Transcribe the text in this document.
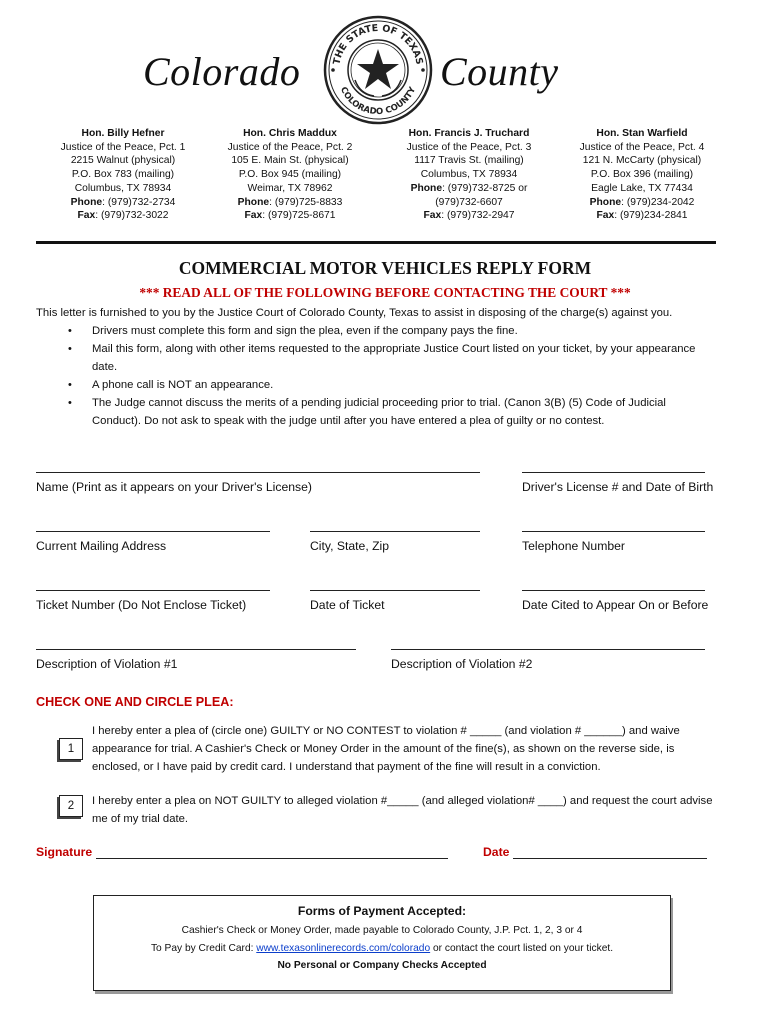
Colorado	County
THE STATE OF TEXAS
COLORADO COUNTY
Hon. Billy Hefner
Justice of the Peace, Pct. 1
2215 Walnut (physical)
P.O. Box 783 (mailing)
Columbus, TX 78934
Phone: (979)732-2734
Fax: (979)732-3022
Hon. Chris Maddux
Justice of the Peace, Pct. 2
105 E. Main St. (physical)
P.O. Box 945 (mailing)
Weimar, TX 78962
Phone: (979)725-8833
Fax: (979)725-8671
Hon. Francis J. Truchard
Justice of the Peace, Pct. 3
1117 Travis St. (mailing)
Columbus, TX 78934
Phone: (979)732-8725 or
(979)732-6607
Fax: (979)732-2947
Hon. Stan Warfield
Justice of the Peace, Pct. 4
121 N. McCarty (physical)
P.O. Box 396 (mailing)
Eagle Lake, TX 77434
Phone: (979)234-2042
Fax: (979)234-2841
COMMERCIAL MOTOR VEHICLES REPLY FORM
*** READ ALL OF THE FOLLOWING BEFORE CONTACTING THE COURT ***
This letter is furnished to you by the Justice Court of Colorado County, Texas to assist in disposing of the charge(s) against you.
• Drivers must complete this form and sign the plea, even if the company pays the fine.
• Mail this form, along with other items requested to the appropriate Justice Court listed on your ticket, by your appearance date.
• A phone call is NOT an appearance.
• The Judge cannot discuss the merits of a pending judicial proceeding prior to trial. (Canon 3(B) (5) Code of Judicial Conduct). Do not ask to speak with the judge until after you have entered a plea of guilty or no contest.
Name (Print as it appears on your Driver's License)	Driver's License # and Date of Birth
Current Mailing Address	City, State, Zip	Telephone Number
Ticket Number (Do Not Enclose Ticket)	Date of Ticket	Date Cited to Appear On or Before
Description of Violation #1	Description of Violation #2
CHECK ONE AND CIRCLE PLEA:
1
I hereby enter a plea of (circle one) GUILTY or NO CONTEST to violation # _____ (and violation # ______) and waive appearance for trial. A Cashier's Check or Money Order in the amount of the fine(s), as shown on the reverse side, is enclosed, or I have paid by credit card. I understand that payment of the fine will result in a conviction.
2	I hereby enter a plea on NOT GUILTY to alleged violation #_____ (and alleged violation# ____) and request the court advise me of my trial date.
Signature	Date
Forms of Payment Accepted:
Cashier's Check or Money Order, made payable to Colorado County, J.P. Pct. 1, 2, 3 or 4
To Pay by Credit Card: www.texasonlinerecords.com/colorado or contact the court listed on your ticket.
No Personal or Company Checks Accepted
